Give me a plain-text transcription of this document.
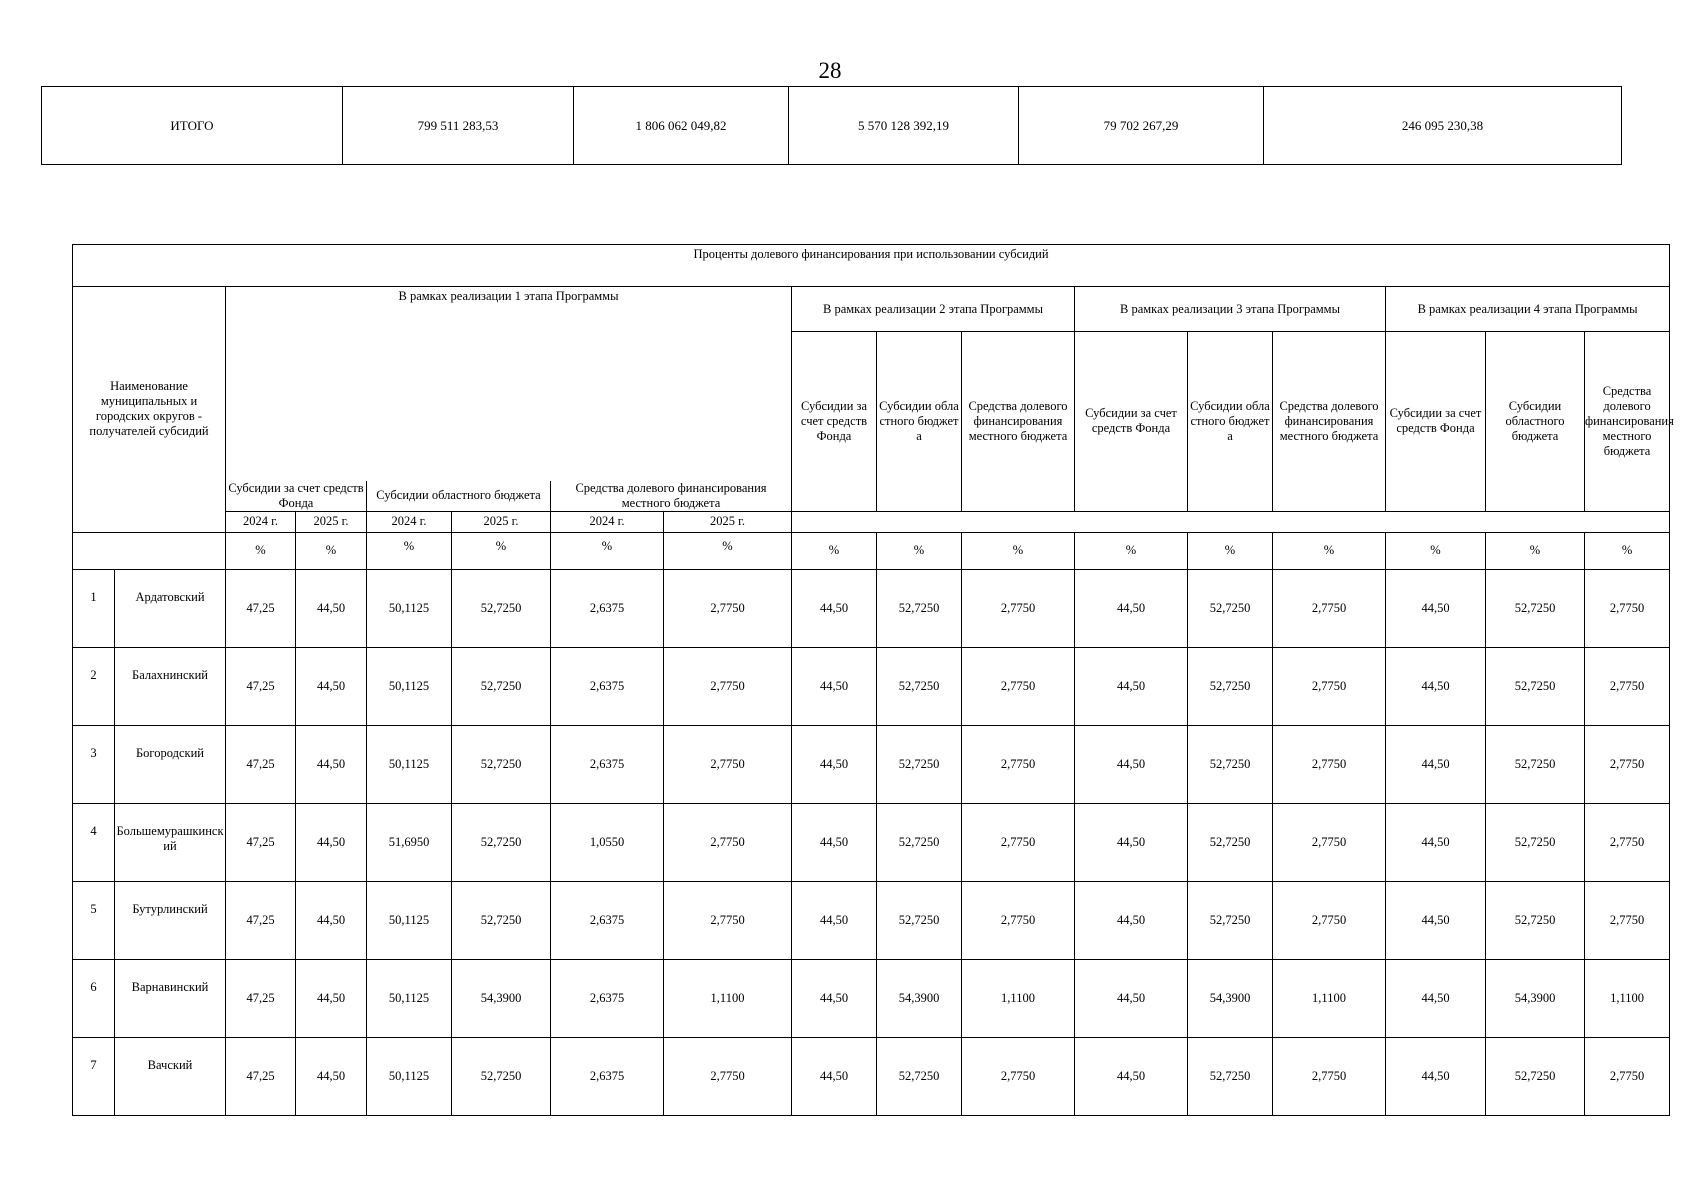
28
ИТОГО	799 511 283,53	1 806 062 049,82	5 570 128 392,19	79 702 267,29	246 095 230,38
Проценты долевого финансирования при использовании субсидий																
Наименование муниципальных и городских округов - получателей субсидий		В рамках реализации 1 этапа Программы						В рамках реализации 2 этапа Программы			В рамках реализации 3 этапа Программы			В рамках реализации 4 этапа Программы		
								Субсидии за счет средств Фонда	Субсидии областного бюджета	Средства долевого финансирования местного бюджета	Субсидии за счет средств Фонда	Субсидии областного бюджета	Средства долевого финансирования местного бюджета	Субсидии за счет средств Фонда	Субсидии областного бюджета	Средства долевого финансирования местного бюджета
		Субсидии за счет средств Фонда		Субсидии областного бюджета		Средства долевого финансирования местного бюджета										
		2024 г.	2025 г.	2024 г.	2025 г.	2024 г.	2025 г.									
		%	%	%	%	%	%	%	%	%	%	%	%	%	%	%
1	Ардатовский	47,25	44,50	50,1125	52,7250	2,6375	2,7750	44,50	52,7250	2,7750	44,50	52,7250	2,7750	44,50	52,7250	2,7750
2	Балахнинский	47,25	44,50	50,1125	52,7250	2,6375	2,7750	44,50	52,7250	2,7750	44,50	52,7250	2,7750	44,50	52,7250	2,7750
3	Богородский	47,25	44,50	50,1125	52,7250	2,6375	2,7750	44,50	52,7250	2,7750	44,50	52,7250	2,7750	44,50	52,7250	2,7750
4	Большемурашкинский	47,25	44,50	51,6950	52,7250	1,0550	2,7750	44,50	52,7250	2,7750	44,50	52,7250	2,7750	44,50	52,7250	2,7750
5	Бутурлинский	47,25	44,50	50,1125	52,7250	2,6375	2,7750	44,50	52,7250	2,7750	44,50	52,7250	2,7750	44,50	52,7250	2,7750
6	Варнавинский	47,25	44,50	50,1125	54,3900	2,6375	1,1100	44,50	54,3900	1,1100	44,50	54,3900	1,1100	44,50	54,3900	1,1100
7	Вачский	47,25	44,50	50,1125	52,7250	2,6375	2,7750	44,50	52,7250	2,7750	44,50	52,7250	2,7750	44,50	52,7250	2,7750
